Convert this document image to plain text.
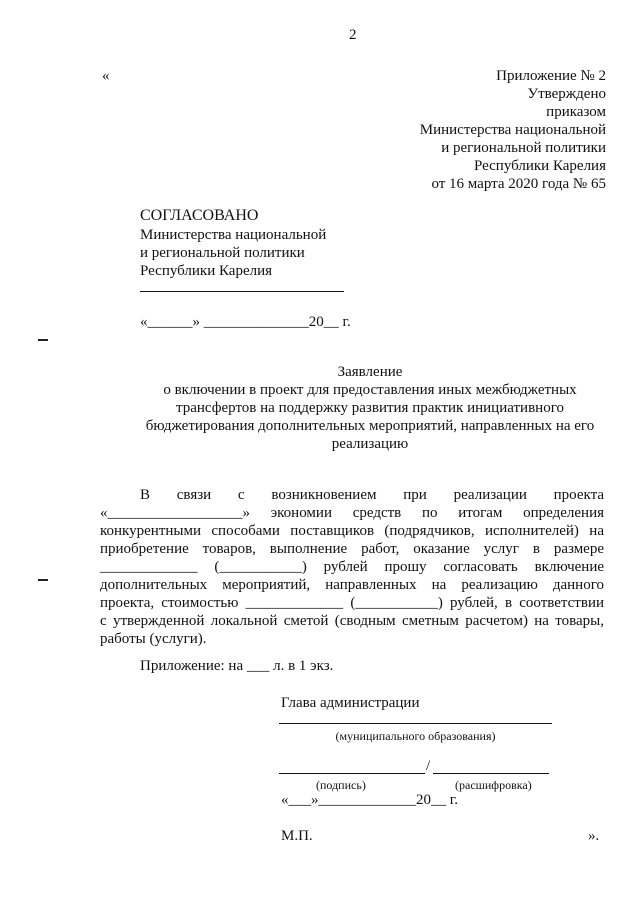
2
«	Приложение № 2
Утверждено
приказом
Министерства национальной
и региональной политики
Республики Карелия
от 16 марта 2020 года № 65
СОГЛАСОВАНО
Министерства национальной
и региональной политики
Республики Карелия
«______» ______________20__ г.
Заявление
о включении в проект для предоставления иных межбюджетных
трансфертов на поддержку развития практик инициативного
бюджетирования дополнительных мероприятий, направленных на его
реализацию
В связи с возникновением при реализации проекта
«__________________» экономии средств по итогам определения
конкурентными способами поставщиков (подрядчиков, исполнителей) на
приобретение товаров, выполнение работ, оказание услуг в размере
_____________ (___________) рублей прошу согласовать включение
дополнительных мероприятий, направленных на реализацию данного
проекта, стоимостью _____________ (___________) рублей, в соответствии
с утвержденной локальной сметой (сводным сметным расчетом) на товары,
работы (услуги).
Приложение: на ___ л. в 1 экз.
Глава администрации
(муниципального образования)
/
(подпись)	(расшифровка)
«___»_____________20__ г.
М.П.	».
